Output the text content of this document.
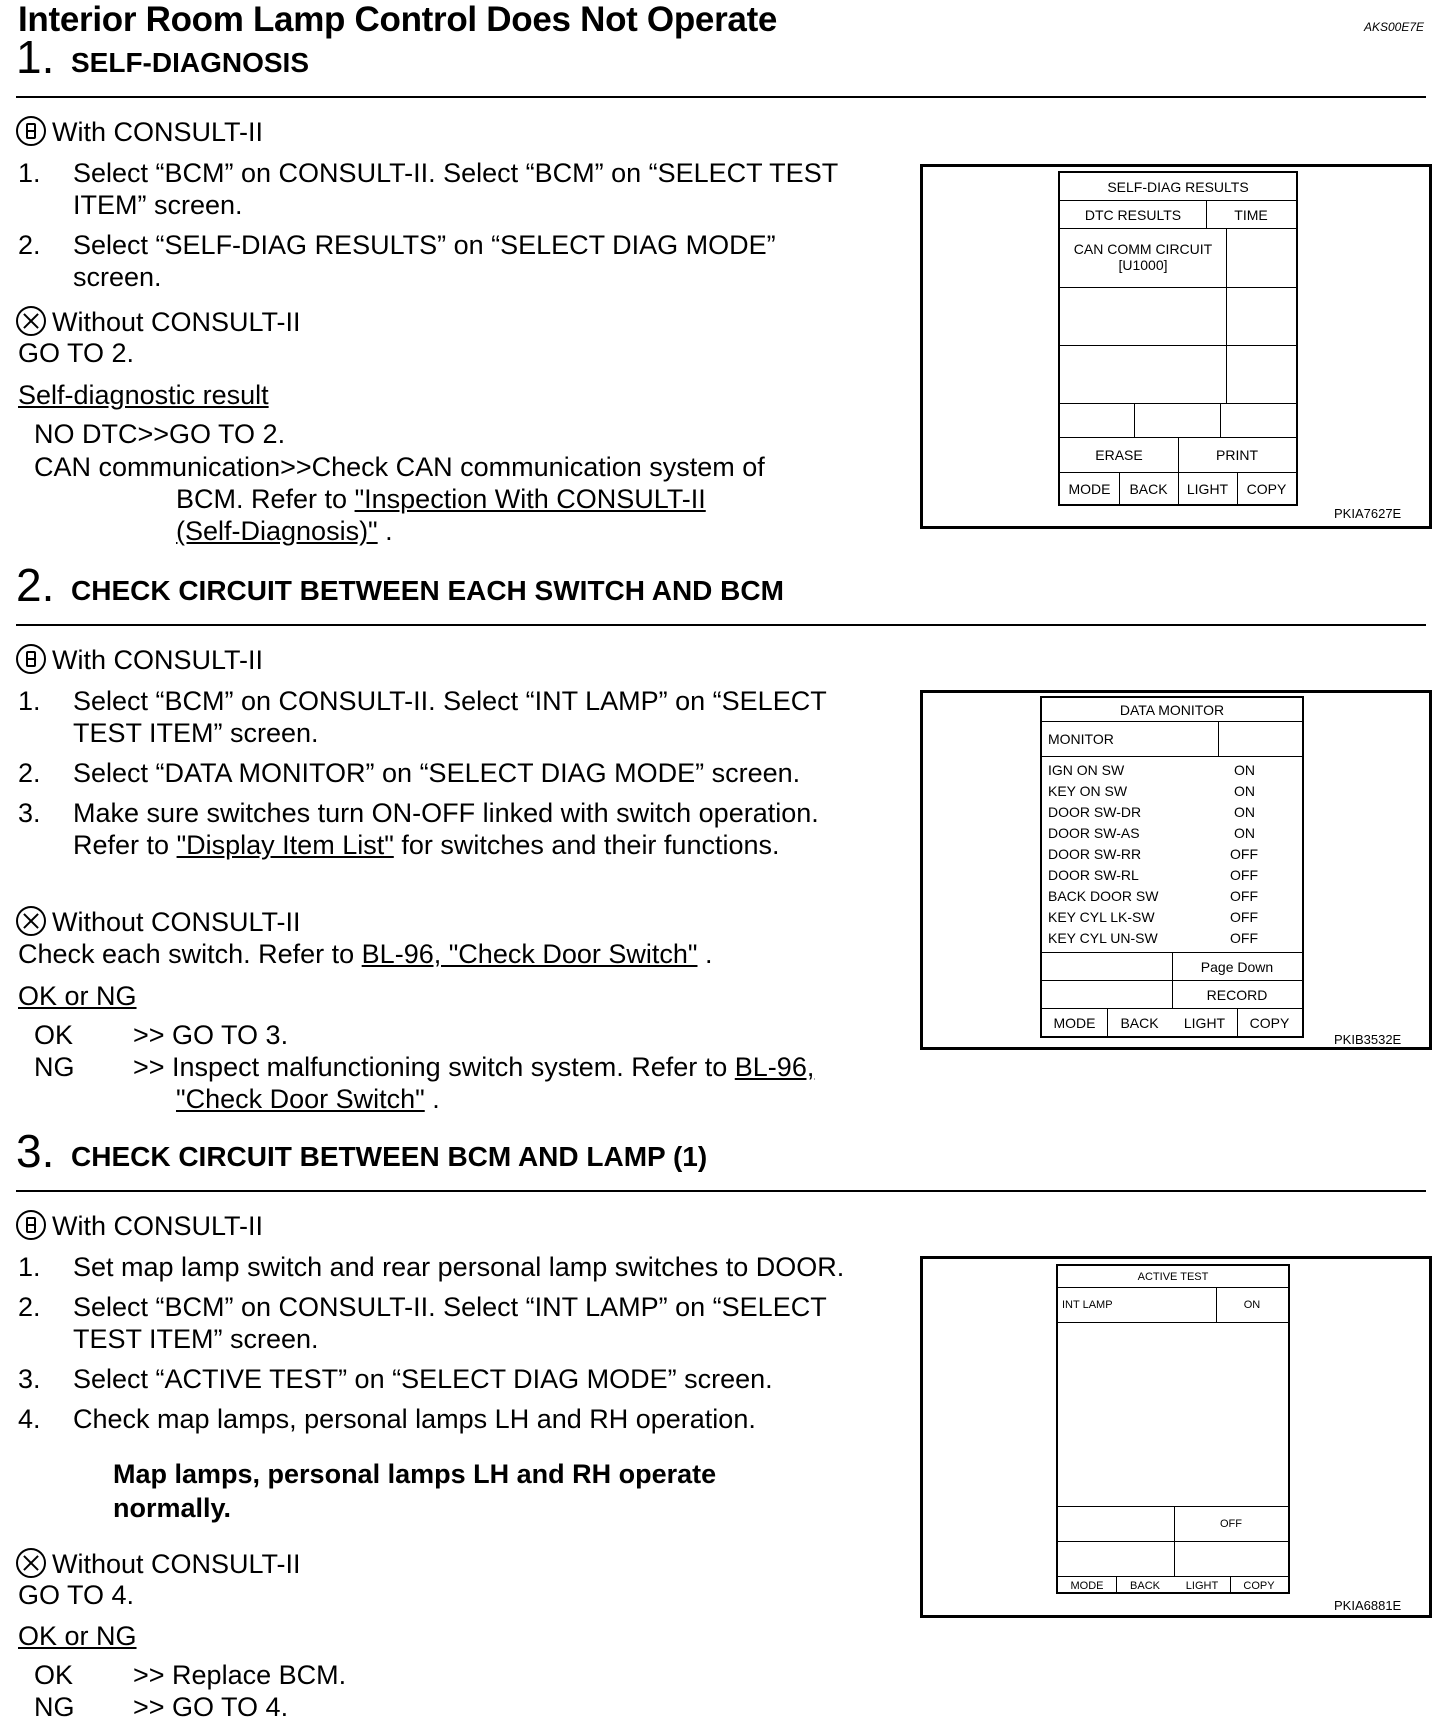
Interior Room Lamp Control Does Not Operate	AKS00E7E
1. SELF-DIAGNOSIS
With CONSULT-II
1. Select “BCM” on CONSULT-II. Select “BCM” on “SELECT TEST
ITEM” screen.
2. Select “SELF-DIAG RESULTS” on “SELECT DIAG MODE”
screen.
Without CONSULT-II
GO TO 2.
Self-diagnostic result
NO DTC>>GO TO 2.
CAN communication>>Check CAN communication system of
BCM. Refer to "Inspection With CONSULT-II
(Self-Diagnosis)" .
SELF-DIAG RESULTS
DTC RESULTS	TIME
CAN COMM CIRCUIT
[U1000]
ERASE	PRINT
MODE	BACK	LIGHT	COPY
PKIA7627E
2. CHECK CIRCUIT BETWEEN EACH SWITCH AND BCM
With CONSULT-II
1. Select “BCM” on CONSULT-II. Select “INT LAMP” on “SELECT
TEST ITEM” screen.
2. Select “DATA MONITOR” on “SELECT DIAG MODE” screen.
3. Make sure switches turn ON-OFF linked with switch operation.
Refer to "Display Item List" for switches and their functions.
Without CONSULT-II
Check each switch. Refer to BL-96, "Check Door Switch" .
OK or NG
OK >> GO TO 3.
NG >> Inspect malfunctioning switch system. Refer to BL-96,
"Check Door Switch" .
DATA MONITOR
MONITOR
IGN ON SW	ON
KEY ON SW	ON
DOOR SW-DR	ON
DOOR SW-AS	ON
DOOR SW-RR	OFF
DOOR SW-RL	OFF
BACK DOOR SW	OFF
KEY CYL LK-SW	OFF
KEY CYL UN-SW	OFF
Page Down
RECORD
MODE	BACK	LIGHT	COPY
PKIB3532E
3. CHECK CIRCUIT BETWEEN BCM AND LAMP (1)
With CONSULT-II
1. Set map lamp switch and rear personal lamp switches to DOOR.
2. Select “BCM” on CONSULT-II. Select “INT LAMP” on “SELECT
TEST ITEM” screen.
3. Select “ACTIVE TEST” on “SELECT DIAG MODE” screen.
4. Check map lamps, personal lamps LH and RH operation.
Map lamps, personal lamps LH and RH operate
normally.
Without CONSULT-II
GO TO 4.
OK or NG
OK >> Replace BCM.
NG >> GO TO 4.
ACTIVE TEST
INT LAMP	ON
OFF
MODE	BACK	LIGHT	COPY
PKIA6881E
